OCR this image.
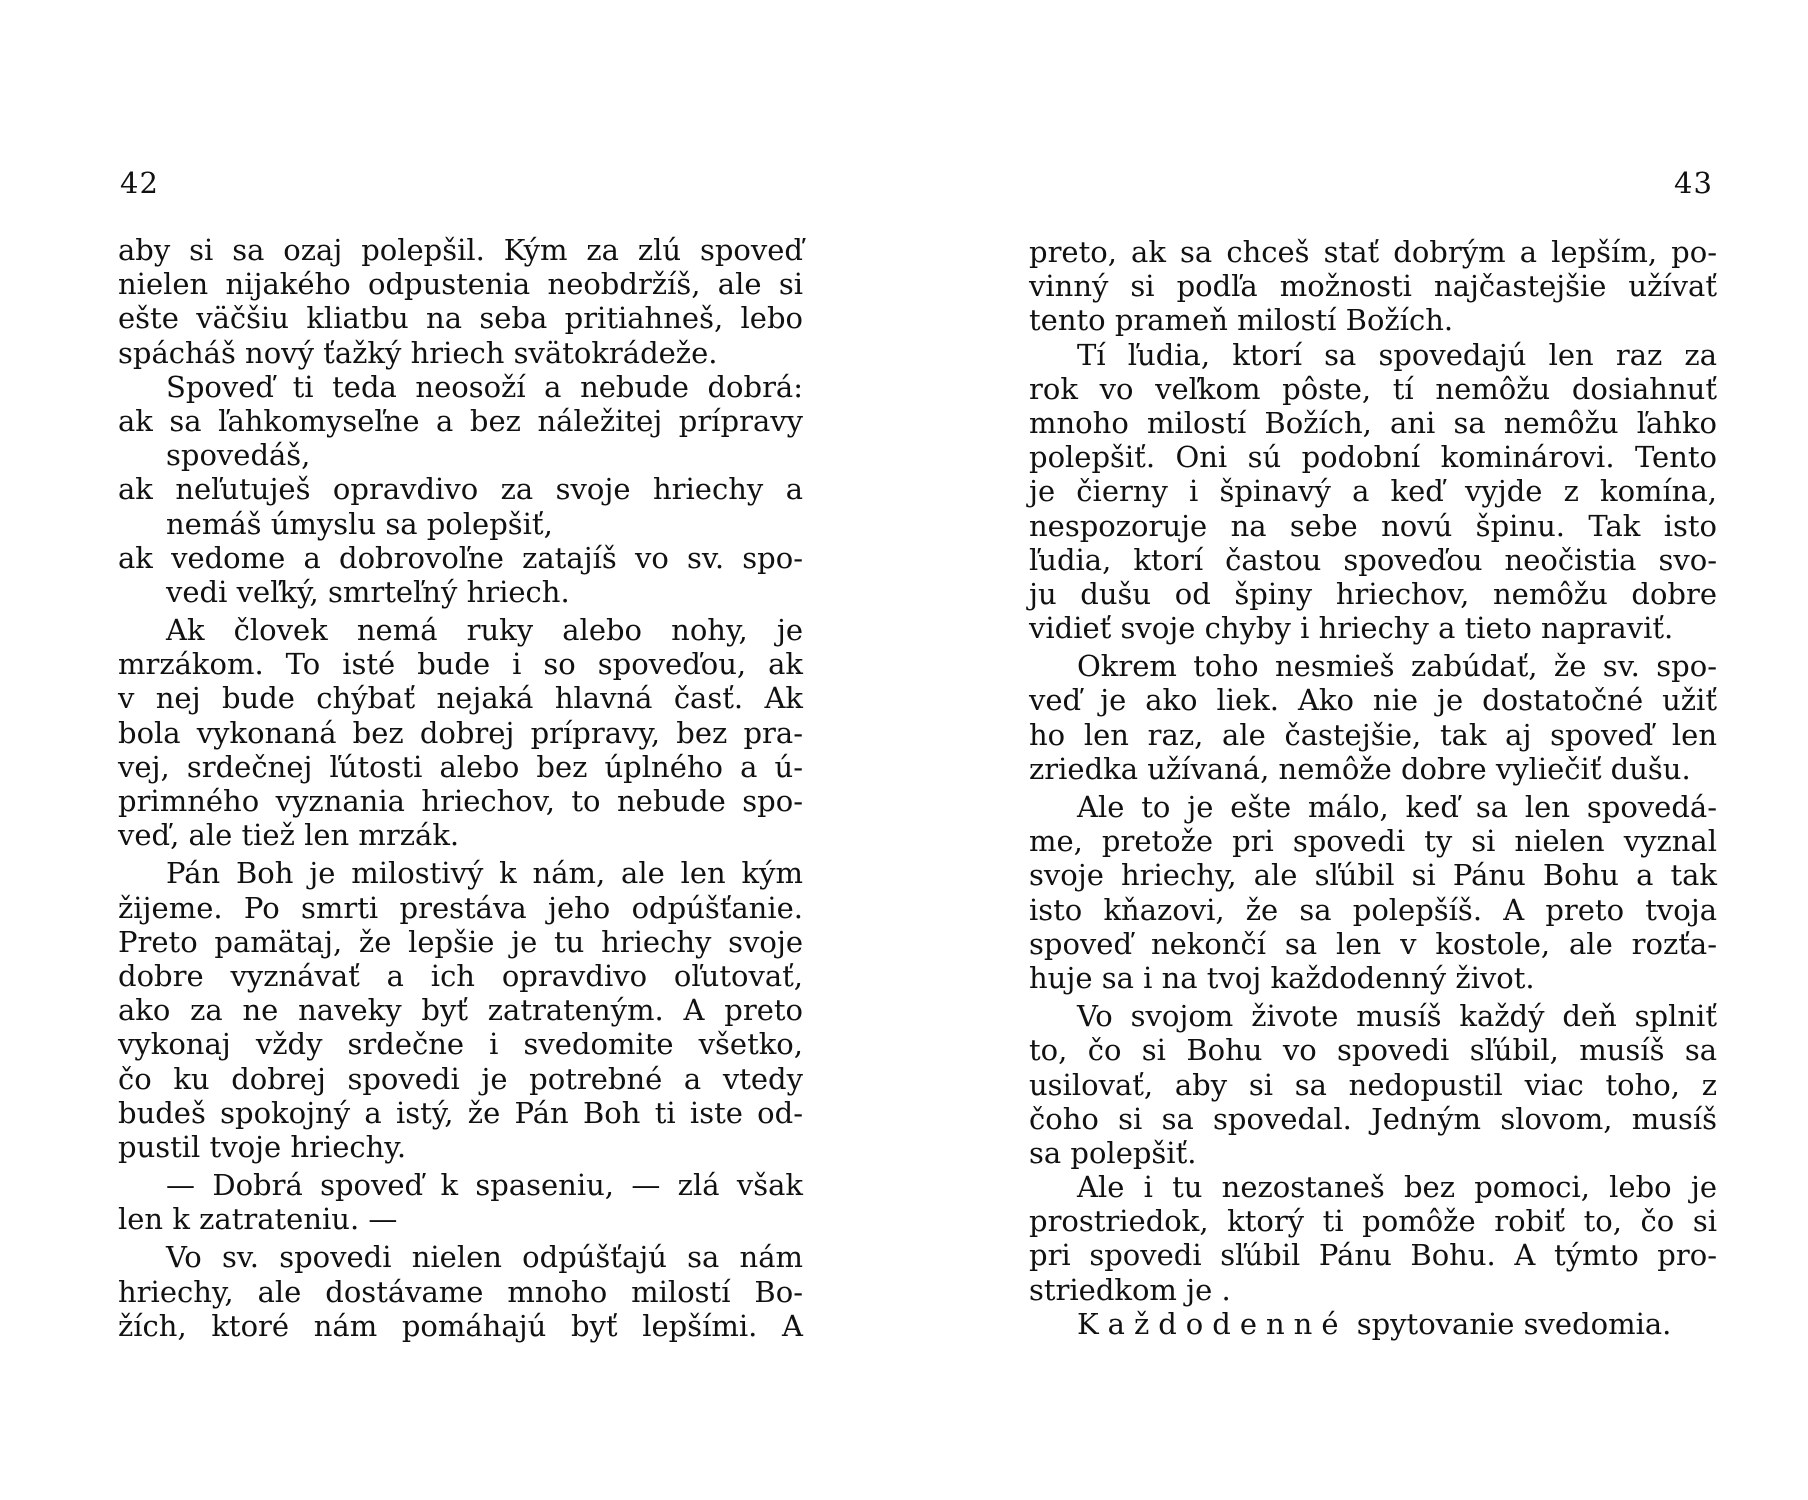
42
aby si sa ozaj polepšil. Kým za zlú spoveď
nielen nijakého odpustenia neobdržíš, ale si
ešte väčšiu kliatbu na seba pritiahneš, lebo
spácháš nový ťažký hriech svätokrádeže.
Spoveď ti teda neosoží a nebude dobrá:
ak sa ľahkomyseľne a bez náležitej prípravy
spovedáš,
ak neľutuješ opravdivo za svoje hriechy a
nemáš úmyslu sa polepšiť,
ak vedome a dobrovoľne zatajíš vo sv. spo-
vedi veľký, smrteľný hriech.
Ak človek nemá ruky alebo nohy, je
mrzákom. To isté bude i so spoveďou, ak
v nej bude chýbať nejaká hlavná časť. Ak
bola vykonaná bez dobrej prípravy, bez pra-
vej, srdečnej ľútosti alebo bez úplného a ú-
primného vyznania hriechov, to nebude spo-
veď, ale tiež len mrzák.
Pán Boh je milostivý k nám, ale len kým
žijeme. Po smrti prestáva jeho odpúšťanie.
Preto pamätaj, že lepšie je tu hriechy svoje
dobre vyznávať a ich opravdivo oľutovať,
ako za ne naveky byť zatrateným. A preto
vykonaj vždy srdečne i svedomite všetko,
čo ku dobrej spovedi je potrebné a vtedy
budeš spokojný a istý, že Pán Boh ti iste od-
pustil tvoje hriechy.
— Dobrá spoveď k spaseniu, — zlá však
len k zatrateniu. —
Vo sv. spovedi nielen odpúšťajú sa nám
hriechy, ale dostávame mnoho milostí Bo-
žích, ktoré nám pomáhajú byť lepšími. A
43
preto, ak sa chceš stať dobrým a lepším, po-
vinný si podľa možnosti najčastejšie užívať
tento prameň milostí Božích.
Tí ľudia, ktorí sa spovedajú len raz za
rok vo veľkom pôste, tí nemôžu dosiahnuť
mnoho milostí Božích, ani sa nemôžu ľahko
polepšiť. Oni sú podobní kominárovi. Tento
je čierny i špinavý a keď vyjde z komína,
nespozoruje na sebe novú špinu. Tak isto
ľudia, ktorí častou spoveďou neočistia svo-
ju dušu od špiny hriechov, nemôžu dobre
vidieť svoje chyby i hriechy a tieto napraviť.
Okrem toho nesmieš zabúdať, že sv. spo-
veď je ako liek. Ako nie je dostatočné užiť
ho len raz, ale častejšie, tak aj spoveď len
zriedka užívaná, nemôže dobre vyliečiť dušu.
Ale to je ešte málo, keď sa len spovedá-
me, pretože pri spovedi ty si nielen vyznal
svoje hriechy, ale sľúbil si Pánu Bohu a tak
isto kňazovi, že sa polepšíš. A preto tvoja
spoveď nekončí sa len v kostole, ale rozťa-
huje sa i na tvoj každodenný život.
Vo svojom živote musíš každý deň splniť
to, čo si Bohu vo spovedi sľúbil, musíš sa
usilovať, aby si sa nedopustil viac toho, z
čoho si sa spovedal. Jedným slovom, musíš
sa polepšiť.
Ale i tu nezostaneš bez pomoci, lebo je
prostriedok, ktorý ti pomôže robiť to, čo si
pri spovedi sľúbil Pánu Bohu. A týmto pro-
striedkom je .
Každodenné spytovanie svedomia.
